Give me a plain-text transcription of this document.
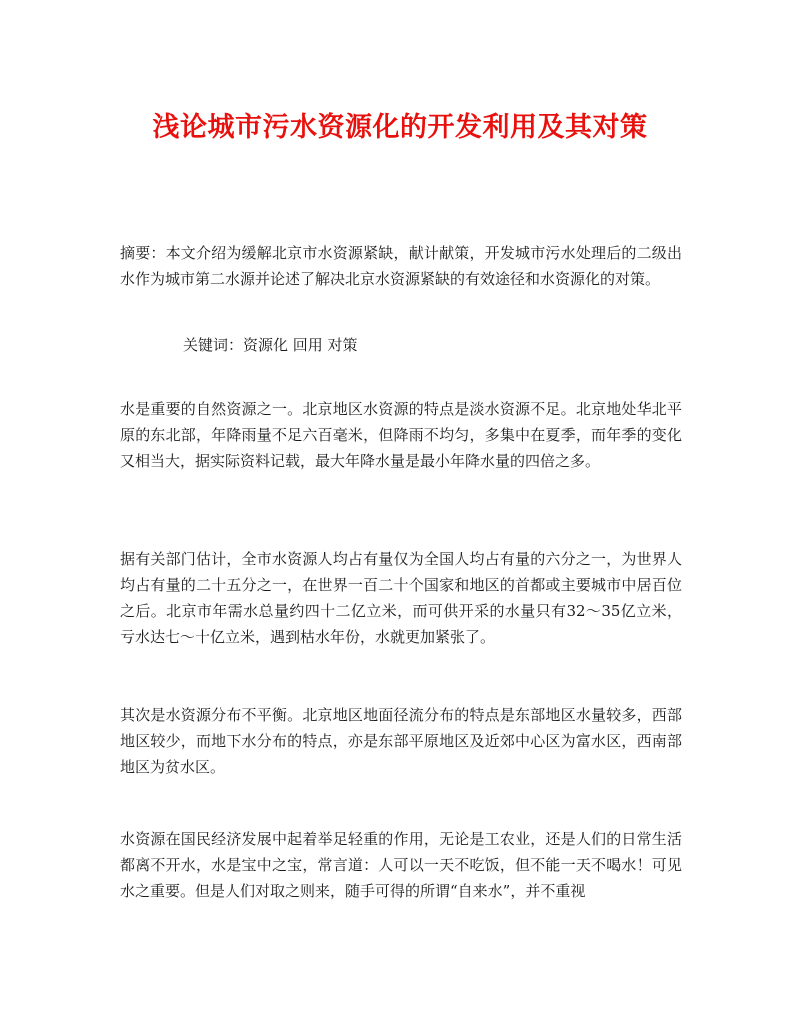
浅论城市污水资源化的开发利用及其对策

摘要：本文介绍为缓解北京市水资源紧缺，献计献策，开发城市污水处理后的二级出水作为城市第二水源并论述了解决北京水资源紧缺的有效途径和水资源化的对策。

关键词：资源化 回用 对策

水是重要的自然资源之一。北京地区水资源的特点是淡水资源不足。北京地处华北平原的东北部，年降雨量不足六百毫米，但降雨不均匀，多集中在夏季，而年季的变化又相当大，据实际资料记载，最大年降水量是最小年降水量的四倍之多。

据有关部门估计，全市水资源人均占有量仅为全国人均占有量的六分之一，为世界人均占有量的二十五分之一，在世界一百二十个国家和地区的首都或主要城市中居百位之后。北京市年需水总量约四十二亿立米，而可供开采的水量只有32～35亿立米，亏水达七～十亿立米，遇到枯水年份，水就更加紧张了。

其次是水资源分布不平衡。北京地区地面径流分布的特点是东部地区水量较多，西部地区较少，而地下水分布的特点，亦是东部平原地区及近郊中心区为富水区，西南部地区为贫水区。

水资源在国民经济发展中起着举足轻重的作用，无论是工农业，还是人们的日常生活都离不开水，水是宝中之宝，常言道：人可以一天不吃饭，但不能一天不喝水！可见水之重要。但是人们对取之则来，随手可得的所谓“自来水”，并不重视
